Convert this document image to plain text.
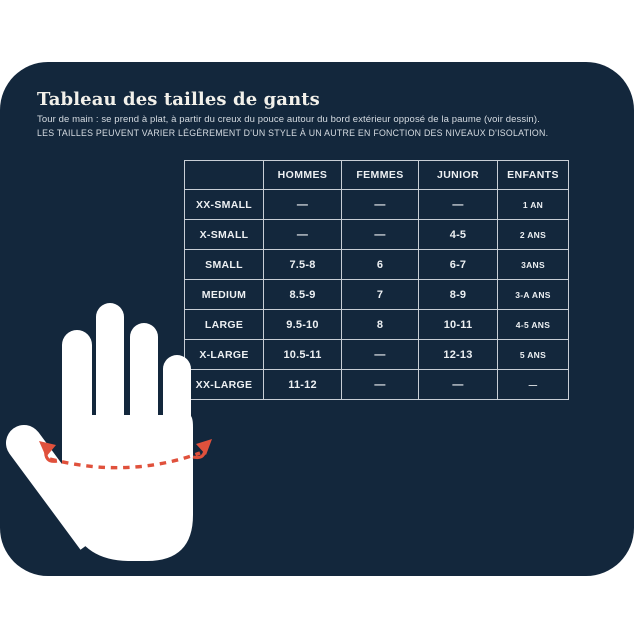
Tableau des tailles de gants

Tour de main : se prend à plat, à partir du creux du pouce autour du bord extérieur opposé de la paume (voir dessin).

LES TAILLES PEUVENT VARIER LÉGÈREMENT D'UN STYLE À UN AUTRE EN FONCTION DES NIVEAUX D'ISOLATION.

	HOMMES	FEMMES	JUNIOR	ENFANTS
XX-SMALL	—	—	—	1 AN
X-SMALL	—	—	4-5	2 ANS
SMALL	7.5-8	6	6-7	3ANS
MEDIUM	8.5-9	7	8-9	3-A ANS
LARGE	9.5-10	8	10-11	4-5 ANS
X-LARGE	10.5-11	—	12-13	5 ANS
XX-LARGE	11-12	—	—	—
